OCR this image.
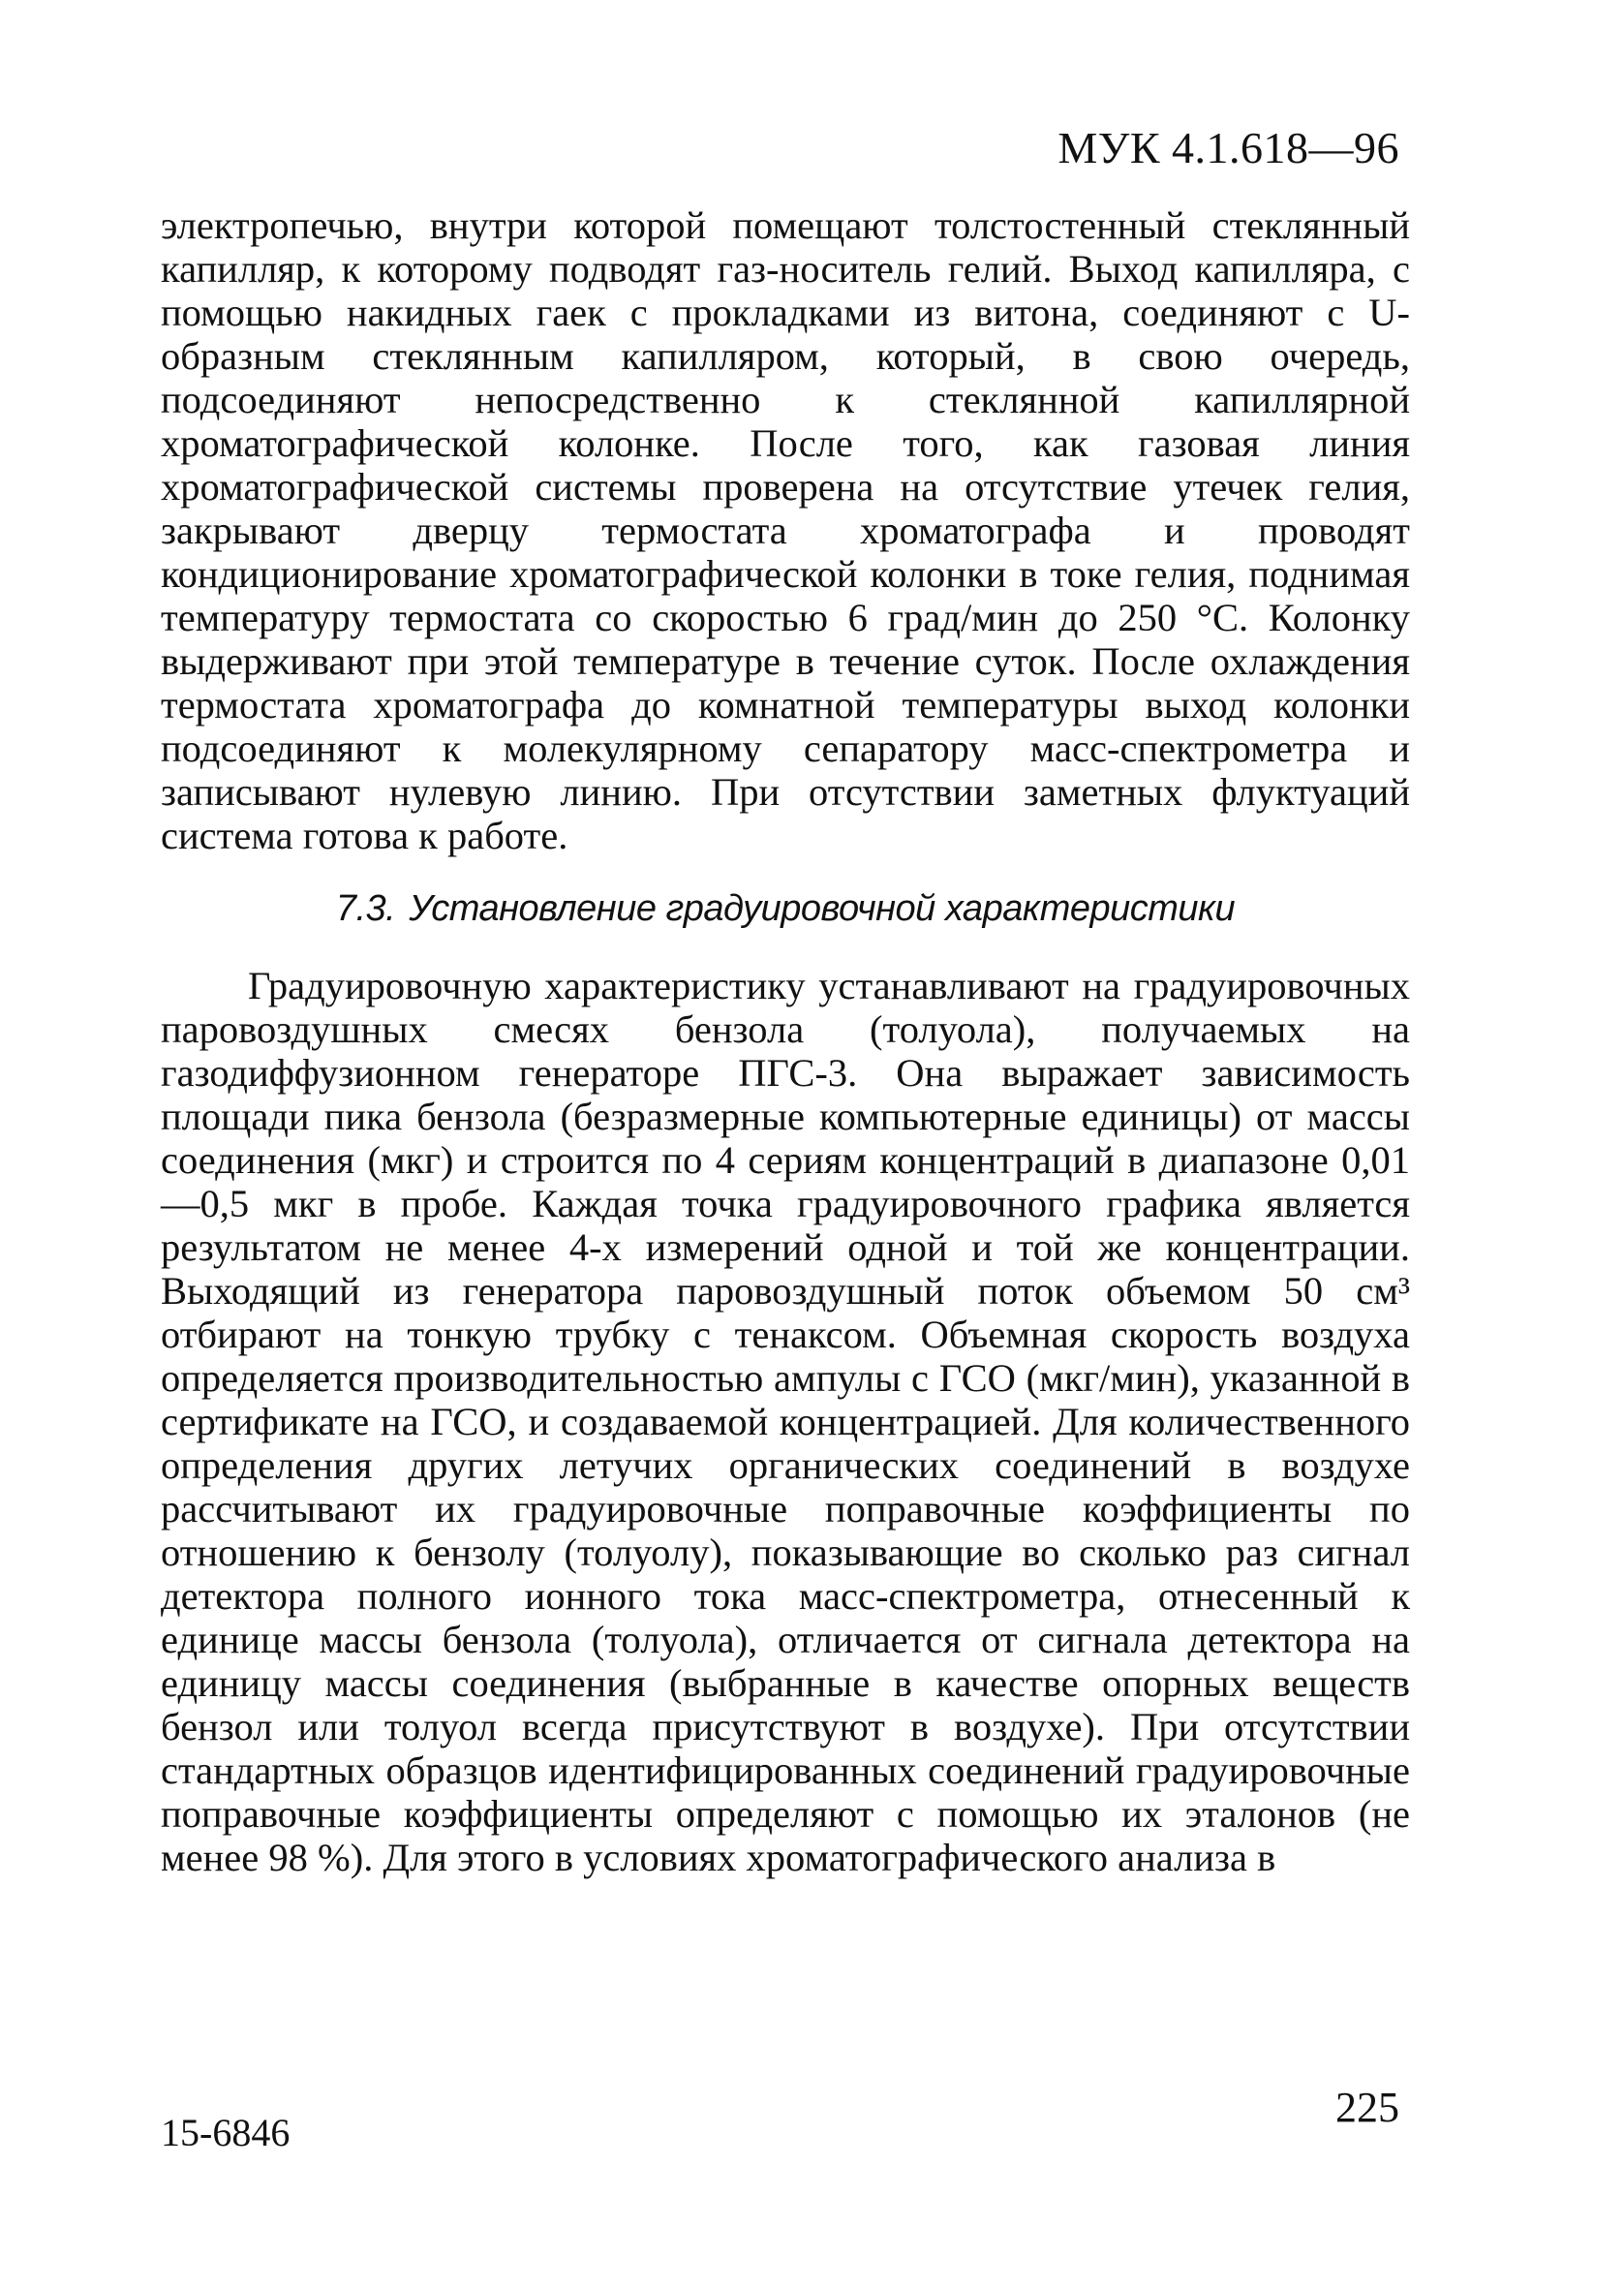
МУК 4.1.618—96

электропечью, внутри которой помещают толстостенный стеклянный капилляр, к которому подводят газ-носитель гелий. Выход капилляра, с помощью накидных гаек с прокладками из витона, соединяют с U-образным стеклянным капилляром, который, в свою очередь, подсоединяют непосредственно к стеклянной капиллярной хроматографической колонке. После того, как газовая линия хроматографической системы проверена на отсутствие утечек гелия, закрывают дверцу термостата хроматографа и проводят кондиционирование хроматографической колонки в токе гелия, поднимая температуру термостата со скоростью 6 град/мин до 250 °С. Колонку выдерживают при этой температуре в течение суток. После охлаждения термостата хроматографа до комнатной температуры выход колонки подсоединяют к молекулярному сепаратору масс-спектрометра и записывают нулевую линию. При отсутствии заметных флуктуаций система готова к работе.

7.3. Установление градуировочной характеристики

Градуировочную характеристику устанавливают на градуировочных паровоздушных смесях бензола (толуола), получаемых на газодиффузионном генераторе ПГС-3. Она выражает зависимость площади пика бензола (безразмерные компьютерные единицы) от массы соединения (мкг) и строится по 4 сериям концентраций в диапазоне 0,01—0,5 мкг в пробе. Каждая точка градуировочного графика является результатом не менее 4-х измерений одной и той же концентрации. Выходящий из генератора паровоздушный поток объемом 50 см³ отбирают на тонкую трубку с тенаксом. Объемная скорость воздуха определяется производительностью ампулы с ГСО (мкг/мин), указанной в сертификате на ГСО, и создаваемой концентрацией. Для количественного определения других летучих органических соединений в воздухе рассчитывают их градуировочные поправочные коэффициенты по отношению к бензолу (толуолу), показывающие во сколько раз сигнал детектора полного ионного тока масс-спектрометра, отнесенный к единице массы бензола (толуола), отличается от сигнала детектора на единицу массы соединения (выбранные в качестве опорных веществ бензол или толуол всегда присутствуют в воздухе). При отсутствии стандартных образцов идентифицированных соединений градуировочные поправочные коэффициенты определяют с помощью их эталонов (не менее 98 %). Для этого в условиях хроматографического анализа в

15-6846

225
